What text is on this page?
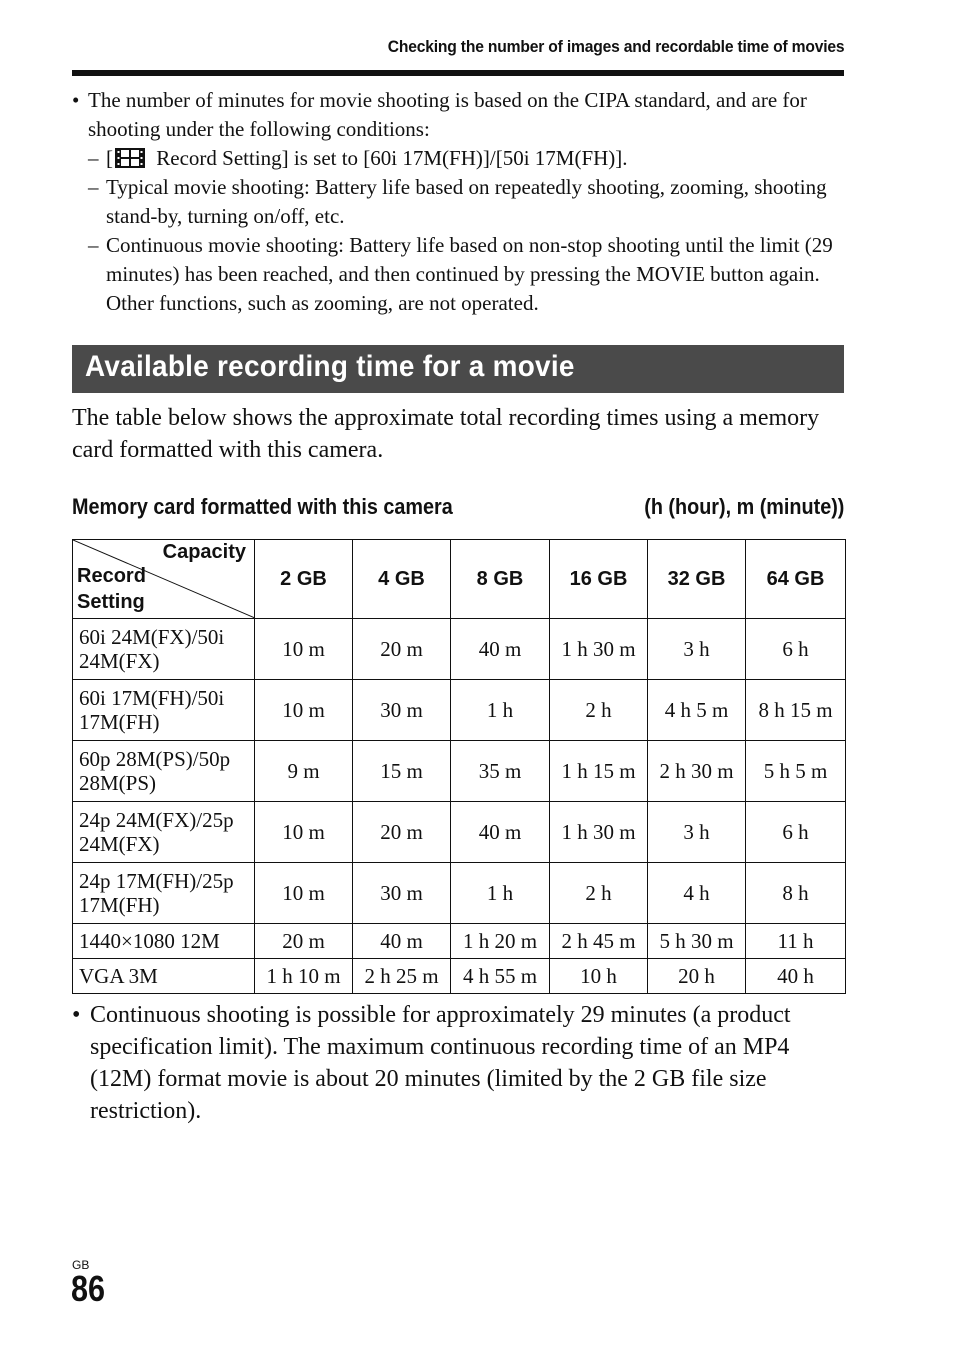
Checking the number of images and recordable time of movies
• The number of minutes for movie shooting is based on the CIPA standard, and are for shooting under the following conditions:
– [ Record Setting] is set to [60i 17M(FH)]/[50i 17M(FH)].
– Typical movie shooting: Battery life based on repeatedly shooting, zooming, shooting stand-by, turning on/off, etc.
– Continuous movie shooting: Battery life based on non-stop shooting until the limit (29 minutes) has been reached, and then continued by pressing the MOVIE button again. Other functions, such as zooming, are not operated.
Available recording time for a movie
The table below shows the approximate total recording times using a memory card formatted with this camera.
Memory card formatted with this camera	(h (hour), m (minute))
Capacity
Record
Setting	2 GB	4 GB	8 GB	16 GB	32 GB	64 GB
60i 24M(FX)/50i
24M(FX)	10 m	20 m	40 m	1 h 30 m	3 h	6 h
60i 17M(FH)/50i
17M(FH)	10 m	30 m	1 h	2 h	4 h 5 m	8 h 15 m
60p 28M(PS)/50p
28M(PS)	9 m	15 m	35 m	1 h 15 m	2 h 30 m	5 h 5 m
24p 24M(FX)/25p
24M(FX)	10 m	20 m	40 m	1 h 30 m	3 h	6 h
24p 17M(FH)/25p
17M(FH)	10 m	30 m	1 h	2 h	4 h	8 h
1440×1080 12M	20 m	40 m	1 h 20 m	2 h 45 m	5 h 30 m	11 h
VGA 3M	1 h 10 m	2 h 25 m	4 h 55 m	10 h	20 h	40 h
• Continuous shooting is possible for approximately 29 minutes (a product specification limit). The maximum continuous recording time of an MP4 (12M) format movie is about 20 minutes (limited by the 2 GB file size restriction).
GB
86
